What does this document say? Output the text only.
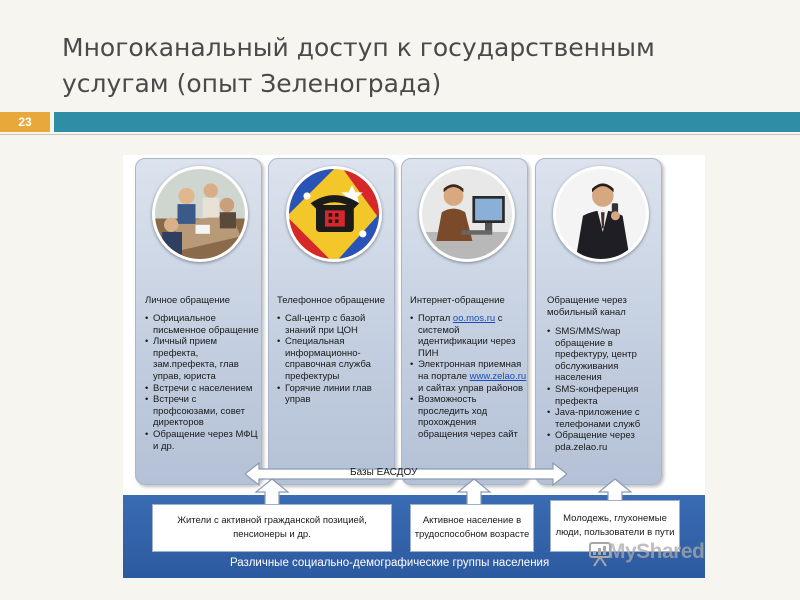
Многоканальный доступ к государственным
услугам (опыт Зеленограда)
23
Личное обращение
• Официальное письменное обращение
• Личный прием префекта, зам.префекта, глав управ, юриста
• Встречи с населением
• Встречи с профсоюзами, совет директоров
• Обращение через МФЦ и др.
Телефонное обращение
• Call-центр с базой знаний при ЦОН
• Специальная информационно-справочная служба префектуры
• Горячие линии глав управ
Интернет-обращение
• Портал oo.mos.ru с системой идентификации через ПИН
• Электронная приемная на портале www.zelao.ru и сайтах управ районов
• Возможность проследить ход прохождения обращения через сайт
Обращение через мобильный канал
• SMS/MMS/wap обращение в префектуру, центр обслуживания населения
• SMS-конференция префекта
• Java-приложение с телефонами служб
• Обращение через pda.zelao.ru
Базы ЕАСДОУ
Жители с активной гражданской позицией, пенсионеры и др.
Активное население в трудоспособном возрасте
Молодежь, глухонемые люди, пользователи в пути
Различные социально-демографические группы населения	MyShared
